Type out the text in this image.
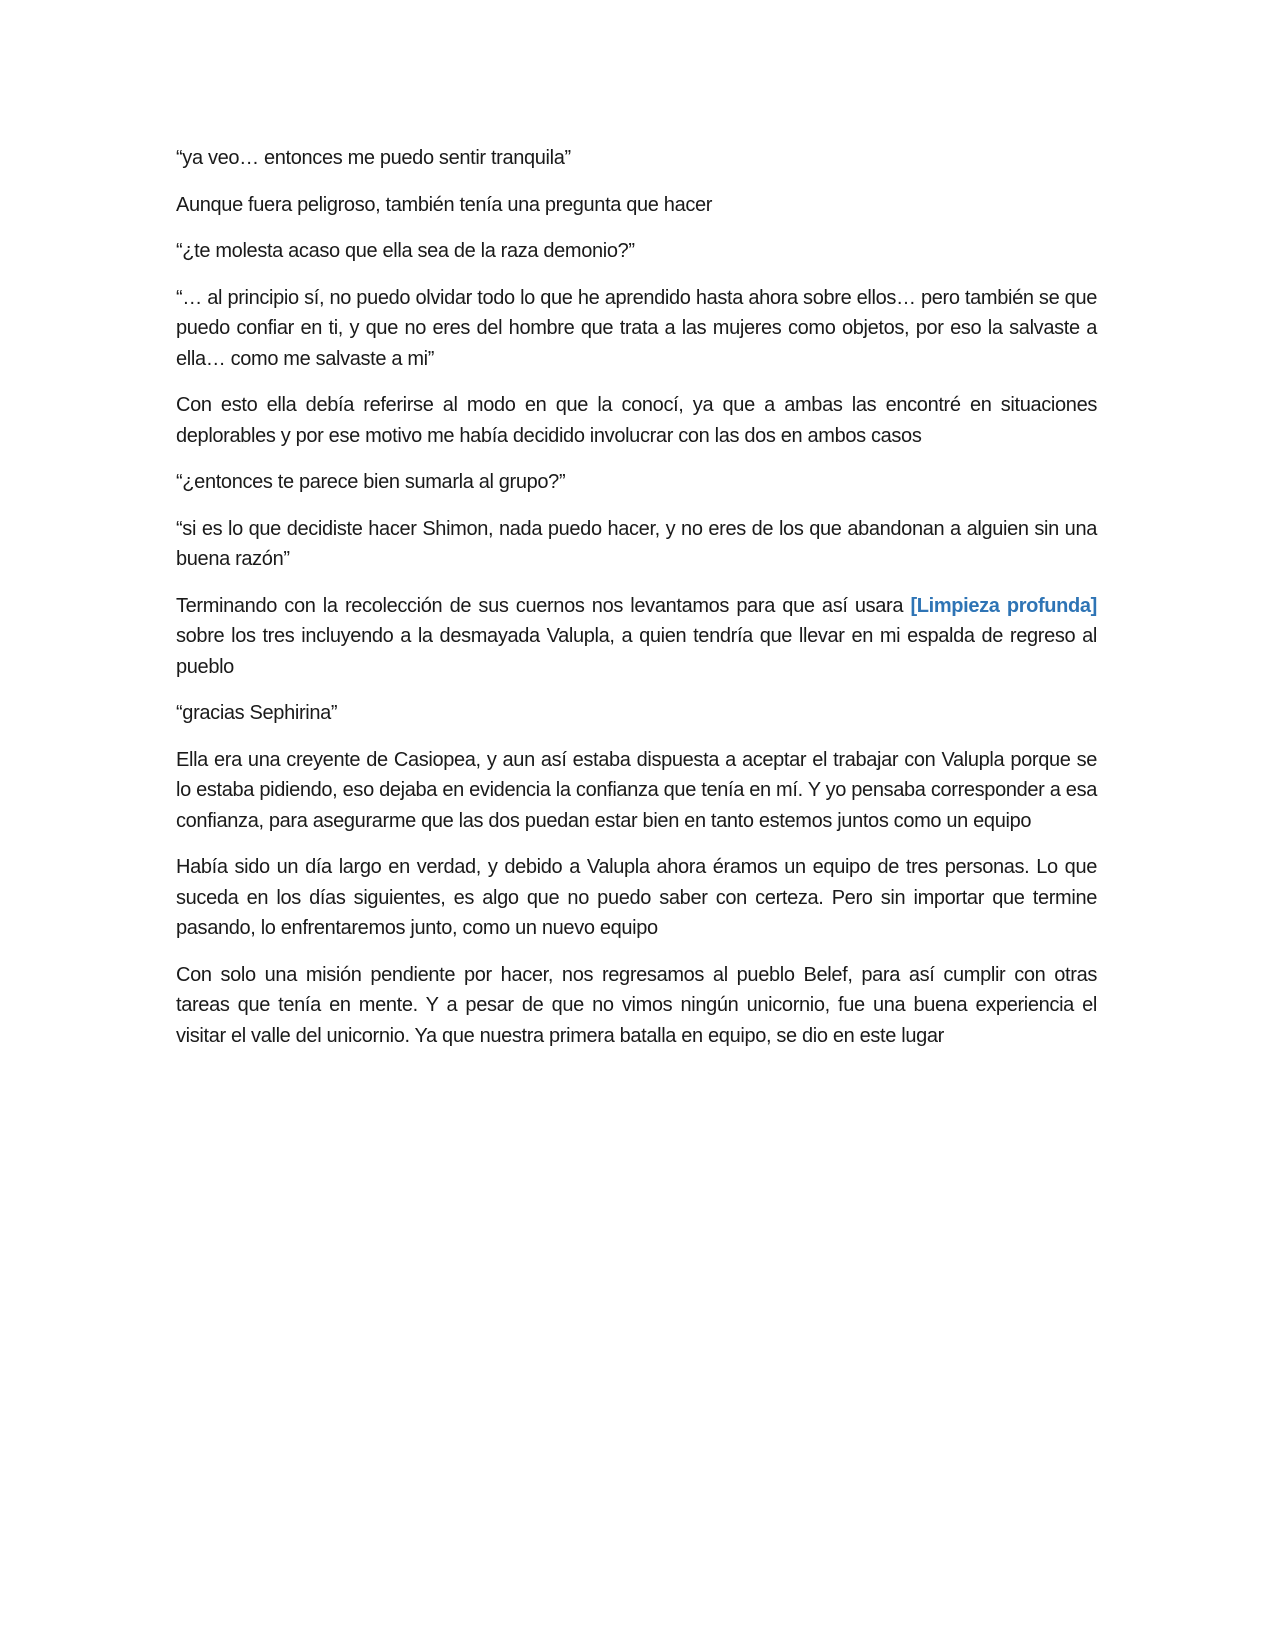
“ya veo… entonces me puedo sentir tranquila”

Aunque fuera peligroso, también tenía una pregunta que hacer

“¿te molesta acaso que ella sea de la raza demonio?”

“… al principio sí, no puedo olvidar todo lo que he aprendido hasta ahora sobre ellos… pero también se que puedo confiar en ti, y que no eres del hombre que trata a las mujeres como objetos, por eso la salvaste a ella… como me salvaste a mi”

Con esto ella debía referirse al modo en que la conocí, ya que a ambas las encontré en situaciones deplorables y por ese motivo me había decidido involucrar con las dos en ambos casos

“¿entonces te parece bien sumarla al grupo?”

“si es lo que decidiste hacer Shimon, nada puedo hacer, y no eres de los que abandonan a alguien sin una buena razón”

Terminando con la recolección de sus cuernos nos levantamos para que así usara [Limpieza profunda] sobre los tres incluyendo a la desmayada Valupla, a quien tendría que llevar en mi espalda de regreso al pueblo

“gracias Sephirina”

Ella era una creyente de Casiopea, y aun así estaba dispuesta a aceptar el trabajar con Valupla porque se lo estaba pidiendo, eso dejaba en evidencia la confianza que tenía en mí. Y yo pensaba corresponder a esa confianza, para asegurarme que las dos puedan estar bien en tanto estemos juntos como un equipo

Había sido un día largo en verdad, y debido a Valupla ahora éramos un equipo de tres personas. Lo que suceda en los días siguientes, es algo que no puedo saber con certeza. Pero sin importar que termine pasando, lo enfrentaremos junto, como un nuevo equipo

Con solo una misión pendiente por hacer, nos regresamos al pueblo Belef, para así cumplir con otras tareas que tenía en mente. Y a pesar de que no vimos ningún unicornio, fue una buena experiencia el visitar el valle del unicornio. Ya que nuestra primera batalla en equipo, se dio en este lugar
